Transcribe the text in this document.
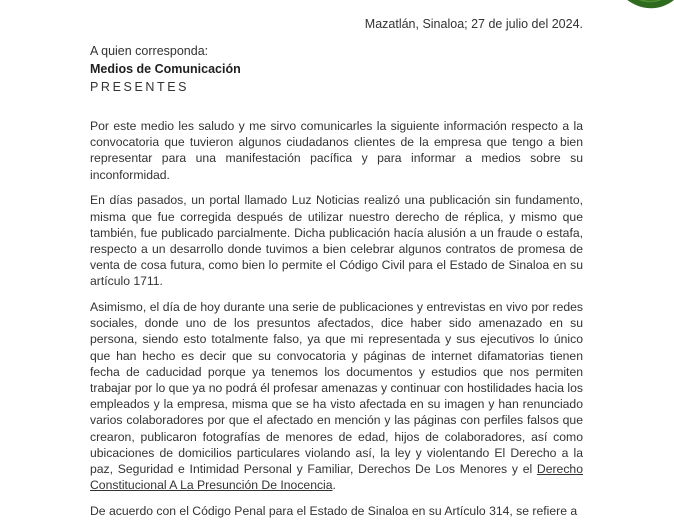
Mazatlán, Sinaloa; 27 de julio del 2024.
A quien corresponda:
Medios de Comunicación
PRESENTES

Por este medio les saludo y me sirvo comunicarles la siguiente información respecto a la convocatoria que tuvieron algunos ciudadanos clientes de la empresa que tengo a bien representar para una manifestación pacífica y para informar a medios sobre su inconformidad.

En días pasados, un portal llamado Luz Noticias realizó una publicación sin fundamento, misma que fue corregida después de utilizar nuestro derecho de réplica, y mismo que también, fue publicado parcialmente. Dicha publicación hacía alusión a un fraude o estafa, respecto a un desarrollo donde tuvimos a bien celebrar algunos contratos de promesa de venta de cosa futura, como bien lo permite el Código Civil para el Estado de Sinaloa en su artículo 1711.

Asimismo, el día de hoy durante una serie de publicaciones y entrevistas en vivo por redes sociales, donde uno de los presuntos afectados, dice haber sido amenazado en su persona, siendo esto totalmente falso, ya que mi representada y sus ejecutivos lo único que han hecho es decir que su convocatoria y páginas de internet difamatorias tienen fecha de caducidad porque ya tenemos los documentos y estudios que nos permiten trabajar por lo que ya no podrá él profesar amenazas y continuar con hostilidades hacia los empleados y la empresa, misma que se ha visto afectada en su imagen y han renunciado varios colaboradores por que el afectado en mención y las páginas con perfiles falsos que crearon, publicaron fotografías de menores de edad, hijos de colaboradores, así como ubicaciones de domicilios particulares violando así, la ley y violentando El Derecho a la paz, Seguridad e Intimidad Personal y Familiar, Derechos De Los Menores y el Derecho Constitucional A La Presunción De Inocencia.

De acuerdo con el Código Penal para el Estado de Sinaloa en su Artículo 314, se refiere a
